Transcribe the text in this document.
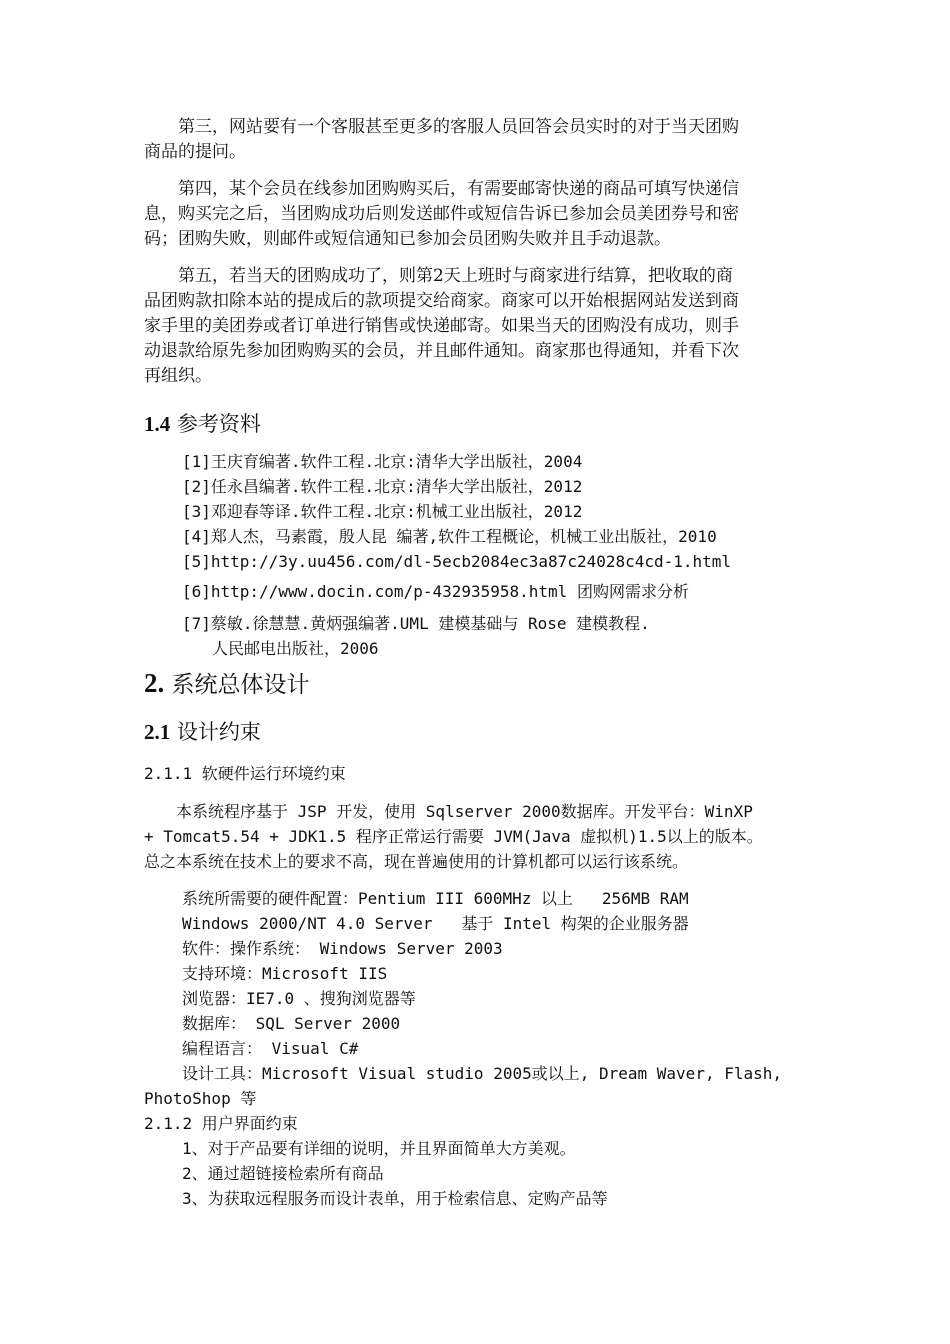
　　第三，网站要有一个客服甚至更多的客服人员回答会员实时的对于当天团购

商品的提问。

　　第四，某个会员在线参加团购购买后，有需要邮寄快递的商品可填写快递信

息，购买完之后，当团购成功后则发送邮件或短信告诉已参加会员美团券号和密

码；团购失败，则邮件或短信通知已参加会员团购失败并且手动退款。

　　第五，若当天的团购成功了，则第2天上班时与商家进行结算，把收取的商

品团购款扣除本站的提成后的款项提交给商家。商家可以开始根据网站发送到商

家手里的美团券或者订单进行销售或快递邮寄。如果当天的团购没有成功，则手

动退款给原先参加团购购买的会员，并且邮件通知。商家那也得通知，并看下次

再组织。

1.4 参考资料

[1]王庆育编著.软件工程.北京:清华大学出版社，2004

[2]任永昌编著.软件工程.北京:清华大学出版社，2012

[3]邓迎春等译.软件工程.北京:机械工业出版社，2012

[4]郑人杰，马素霞，殷人昆 编著,软件工程概论，机械工业出版社，2010

[5]http://3y.uu456.com/dl-5ecb2084ec3a87c24028c4cd-1.html

[6]http://www.docin.com/p-432935958.html 团购网需求分析

[7]蔡敏.徐慧慧.黄炳强编著.UML 建模基础与 Rose 建模教程.

人民邮电出版社，2006

2. 系统总体设计
2.1 设计约束

2.1.1 软硬件运行环境约束

　　本系统程序基于 JSP 开发，使用 Sqlserver 2000数据库。开发平台：WinXP

+ Tomcat5.54 + JDK1.5 程序正常运行需要 JVM(Java 虚拟机)1.5以上的版本。

总之本系统在技术上的要求不高，现在普遍使用的计算机都可以运行该系统。

系统所需要的硬件配置：Pentium III 600MHz 以上   256MB RAM

Windows 2000/NT 4.0 Server   基于 Intel 构架的企业服务器

软件：操作系统： Windows Server 2003

支持环境：Microsoft IIS

浏览器：IE7.0 、搜狗浏览器等

数据库： SQL Server 2000

编程语言： Visual C#

设计工具：Microsoft Visual studio 2005或以上, Dream Waver, Flash,

PhotoShop 等

2.1.2 用户界面约束

1、对于产品要有详细的说明，并且界面简单大方美观。

2、通过超链接检索所有商品

3、为获取远程服务而设计表单，用于检索信息、定购产品等
